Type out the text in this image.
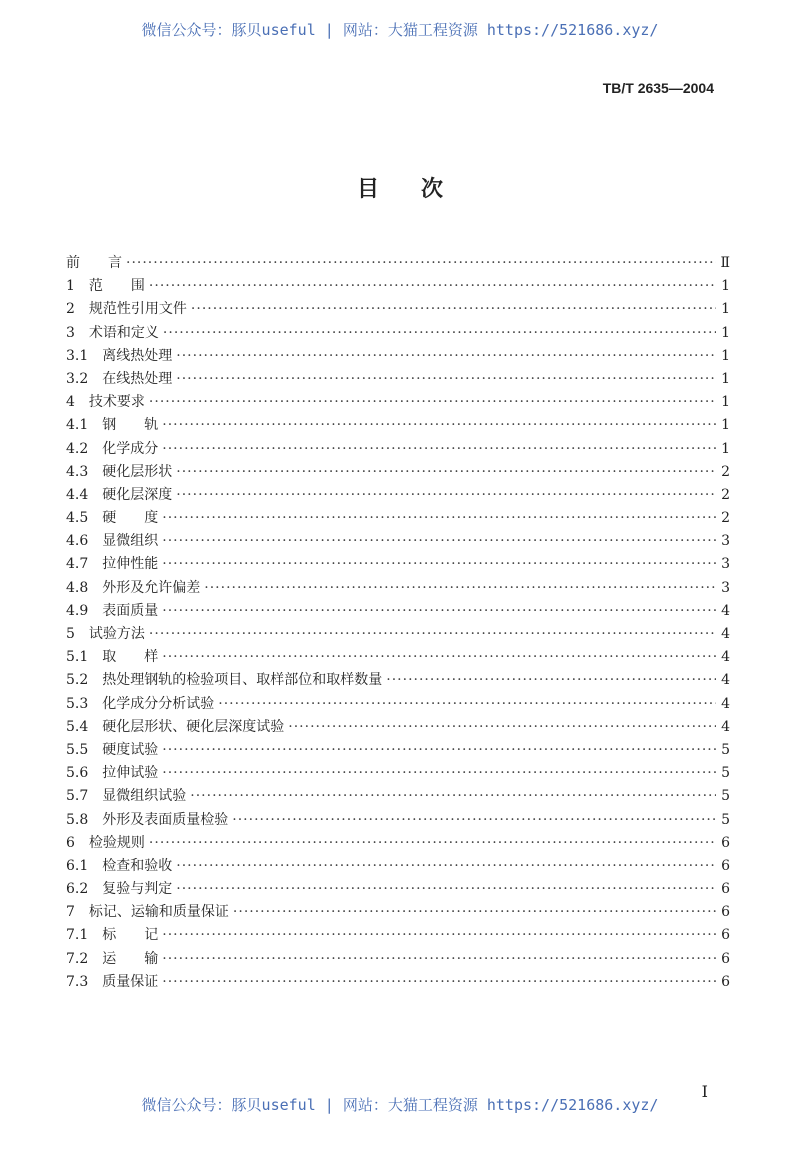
微信公众号：豚贝useful | 网站：大猫工程资源 https://521686.xyz/
TB/T 2635—2004
目次
前　　言 ·····	Ⅱ
1 范　　围 ·····	1
2 规范性引用文件 ·····	1
3 术语和定义 ·····	1
3.1 离线热处理 ·····	1
3.2 在线热处理 ·····	1
4 技术要求 ·····	1
4.1 钢　　轨 ·····	1
4.2 化学成分 ·····	1
4.3 硬化层形状 ·····	2
4.4 硬化层深度 ·····	2
4.5 硬　　度 ·····	2
4.6 显微组织 ·····	3
4.7 拉伸性能 ·····	3
4.8 外形及允许偏差 ·····	3
4.9 表面质量 ·····	4
5 试验方法 ·····	4
5.1 取　　样 ·····	4
5.2 热处理钢轨的检验项目、取样部位和取样数量 ·····	4
5.3 化学成分分析试验 ·····	4
5.4 硬化层形状、硬化层深度试验 ·····	4
5.5 硬度试验 ·····	5
5.6 拉伸试验 ·····	5
5.7 显微组织试验 ·····	5
5.8 外形及表面质量检验 ·····	5
6 检验规则 ·····	6
6.1 检查和验收 ·····	6
6.2 复验与判定 ·····	6
7 标记、运输和质量保证 ·····	6
7.1 标　　记 ·····	6
7.2 运　　输 ·····	6
7.3 质量保证 ·····	6
I
微信公众号：豚贝useful | 网站：大猫工程资源 https://521686.xyz/
